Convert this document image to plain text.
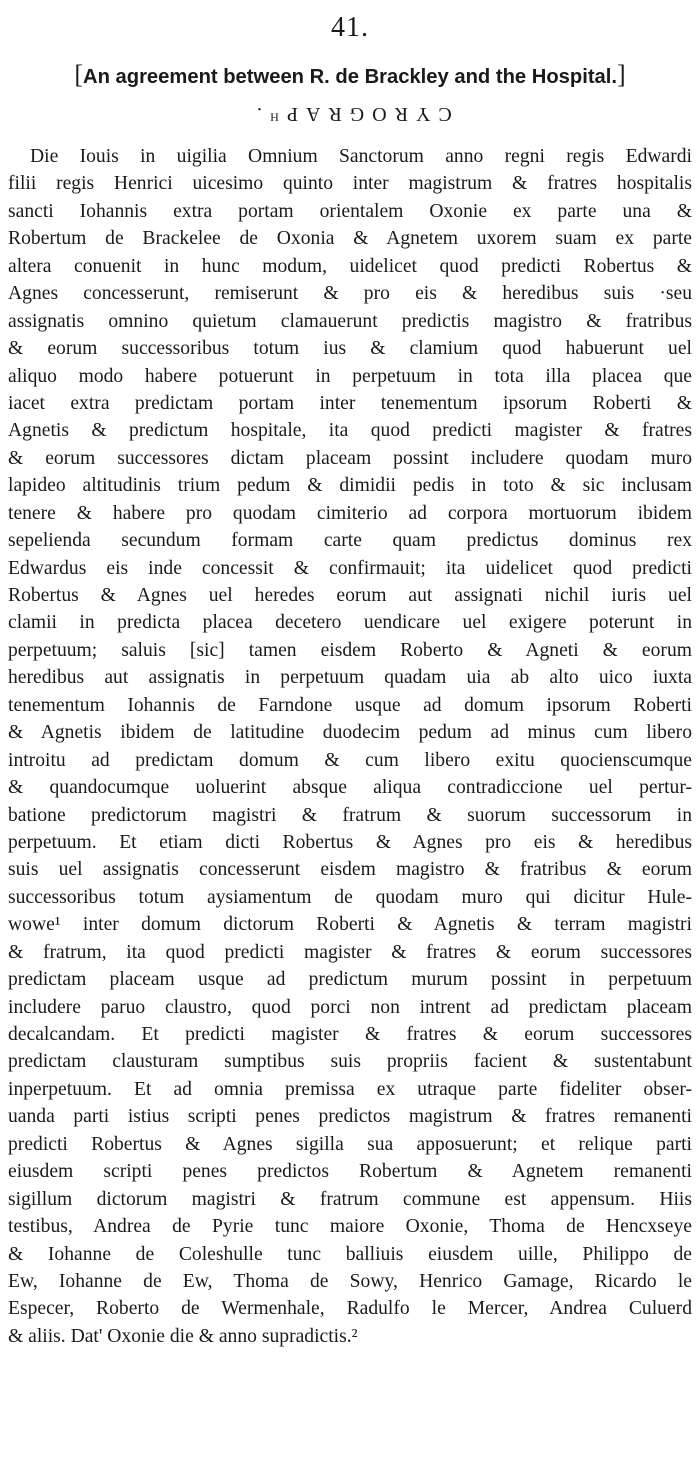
41.
[An agreement between R. de Brackley and the Hospital.]
CYROGRAPᴴ.
Die Iouis in uigilia Omnium Sanctorum anno regni regis Edwardi
filii regis Henrici uicesimo quinto inter magistrum & fratres hospitalis
sancti Iohannis extra portam orientalem Oxonie ex parte una &
Robertum de Brackelee de Oxonia & Agnetem uxorem suam ex parte
altera conuenit in hunc modum, uidelicet quod predicti Robertus &
Agnes concesserunt, remiserunt & pro eis & heredibus suis ·seu
assignatis omnino quietum clamauerunt predictis magistro & fratribus
& eorum successoribus totum ius & clamium quod habuerunt uel
aliquo modo habere potuerunt in perpetuum in tota illa placea que
iacet extra predictam portam inter tenementum ipsorum Roberti &
Agnetis & predictum hospitale, ita quod predicti magister & fratres
& eorum successores dictam placeam possint includere quodam muro
lapideo altitudinis trium pedum & dimidii pedis in toto & sic inclusam
tenere & habere pro quodam cimiterio ad corpora mortuorum ibidem
sepelienda secundum formam carte quam predictus dominus rex
Edwardus eis inde concessit & confirmauit; ita uidelicet quod predicti
Robertus & Agnes uel heredes eorum aut assignati nichil iuris uel
clamii in predicta placea decetero uendicare uel exigere poterunt in
perpetuum; saluis [sic] tamen eisdem Roberto & Agneti & eorum
heredibus aut assignatis in perpetuum quadam uia ab alto uico iuxta
tenementum Iohannis de Farndone usque ad domum ipsorum Roberti
& Agnetis ibidem de latitudine duodecim pedum ad minus cum libero
introitu ad predictam domum & cum libero exitu quocienscumque
& quandocumque uoluerint absque aliqua contradiccione uel pertur-
batione predictorum magistri & fratrum & suorum successorum in
perpetuum. Et etiam dicti Robertus & Agnes pro eis & heredibus
suis uel assignatis concesserunt eisdem magistro & fratribus & eorum
successoribus totum aysiamentum de quodam muro qui dicitur Hule-
wowe¹ inter domum dictorum Roberti & Agnetis & terram magistri
& fratrum, ita quod predicti magister & fratres & eorum successores
predictam placeam usque ad predictum murum possint in perpetuum
includere paruo claustro, quod porci non intrent ad predictam placeam
decalcandam. Et predicti magister & fratres & eorum successores
predictam clausturam sumptibus suis propriis facient & sustentabunt
inperpetuum. Et ad omnia premissa ex utraque parte fideliter obser-
uanda parti istius scripti penes predictos magistrum & fratres remanenti
predicti Robertus & Agnes sigilla sua apposuerunt; et relique parti
eiusdem scripti penes predictos Robertum & Agnetem remanenti
sigillum dictorum magistri & fratrum commune est appensum. Hiis
testibus, Andrea de Pyrie tunc maiore Oxonie, Thoma de Hencxseye
& Iohanne de Coleshulle tunc balliuis eiusdem uille, Philippo de
Ew, Iohanne de Ew, Thoma de Sowy, Henrico Gamage, Ricardo le
Especer, Roberto de Wermenhale, Radulfo le Mercer, Andrea Culuerd
& aliis. Dat' Oxonie die & anno supradictis.²
